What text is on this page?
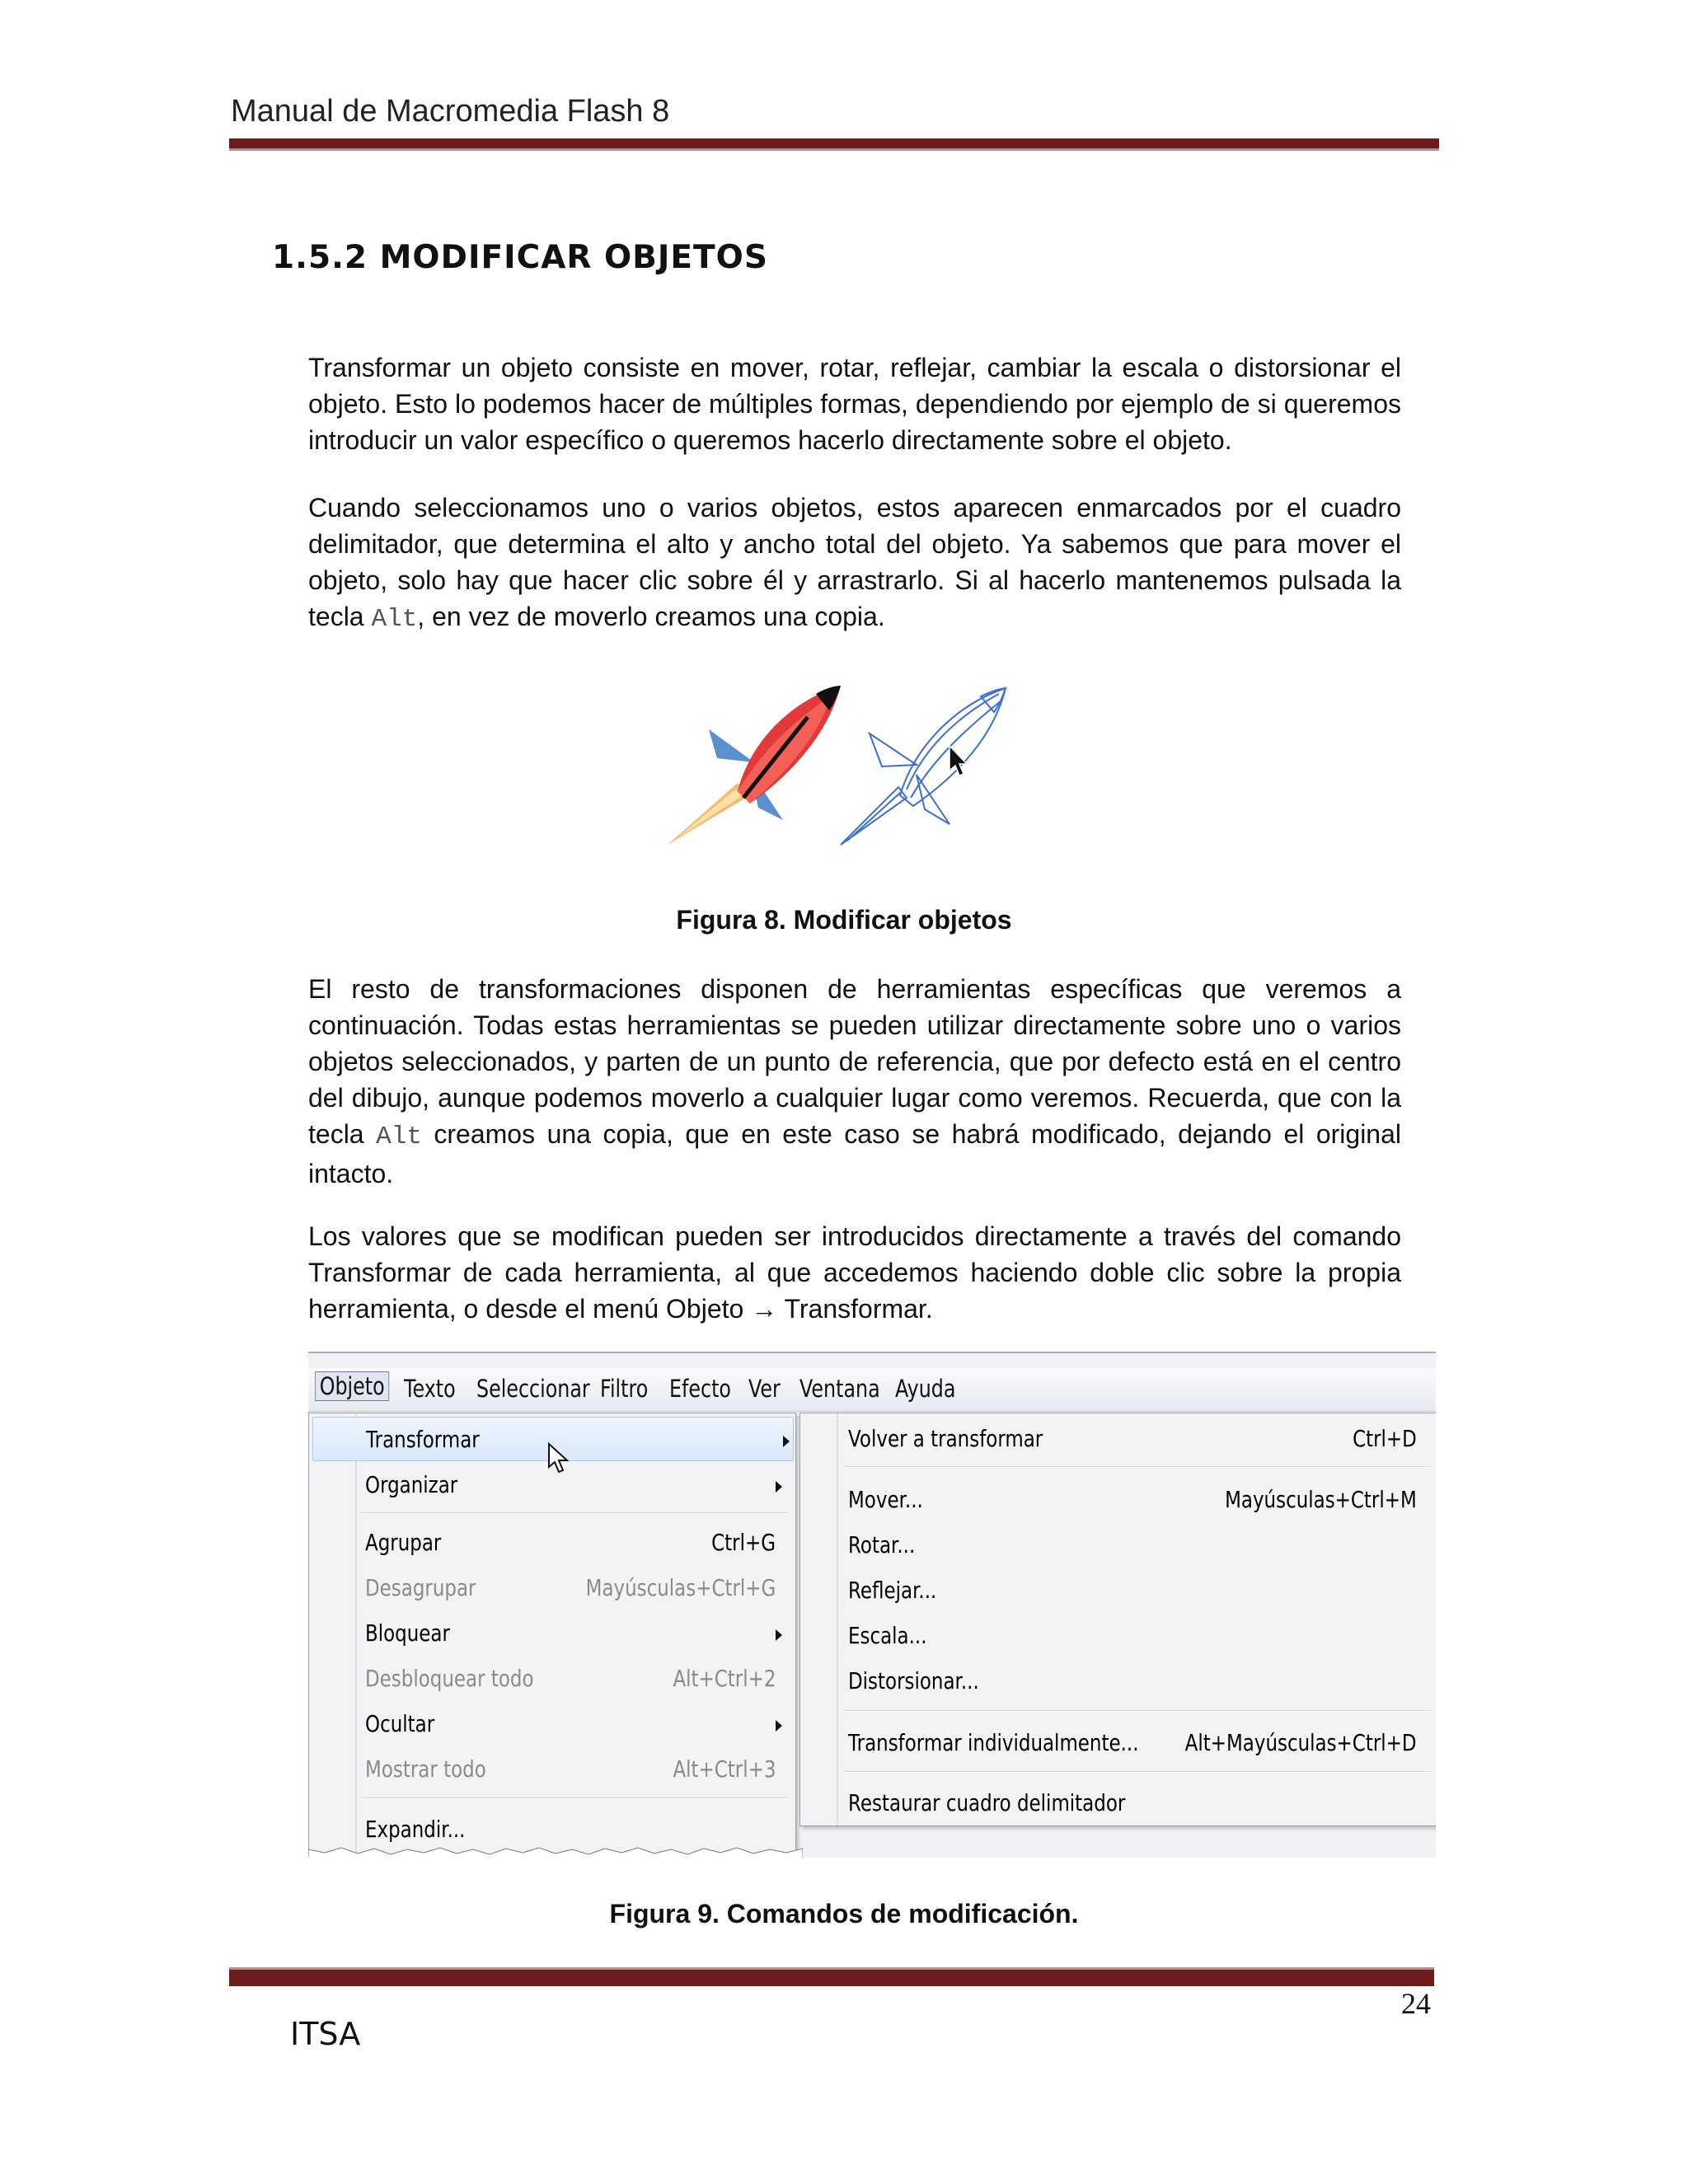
Manual de Macromedia Flash 8
1.5.2 MODIFICAR OBJETOS
Transformar un objeto consiste en mover, rotar, reflejar, cambiar la escala o distorsionar el objeto. Esto lo podemos hacer de múltiples formas, dependiendo por ejemplo de si queremos introducir un valor específico o queremos hacerlo directamente sobre el objeto.
Cuando seleccionamos uno o varios objetos, estos aparecen enmarcados por el cuadro delimitador, que determina el alto y ancho total del objeto. Ya sabemos que para mover el objeto, solo hay que hacer clic sobre él y arrastrarlo. Si al hacerlo mantenemos pulsada la tecla Alt, en vez de moverlo creamos una copia.
Figura 8. Modificar objetos
El resto de transformaciones disponen de herramientas específicas que veremos a continuación. Todas estas herramientas se pueden utilizar directamente sobre uno o varios objetos seleccionados, y parten de un punto de referencia, que por defecto está en el centro del dibujo, aunque podemos moverlo a cualquier lugar como veremos. Recuerda, que con la tecla Alt creamos una copia, que en este caso se habrá modificado, dejando el original intacto.
Los valores que se modifican pueden ser introducidos directamente a través del comando Transformar de cada herramienta, al que accedemos haciendo doble clic sobre la propia herramienta, o desde el menú Objeto → Transformar.
Objeto Texto Seleccionar Filtro Efecto Ver Ventana Ayuda
Transformar
Organizar
Agrupar	Ctrl+G
Desagrupar	Mayúsculas+Ctrl+G
Bloquear
Desbloquear todo	Alt+Ctrl+2
Ocultar
Mostrar todo	Alt+Ctrl+3
Expandir...
Volver a transformar	Ctrl+D
Mover...	Mayúsculas+Ctrl+M
Rotar...
Reflejar...
Escala...
Distorsionar...
Transformar individualmente... Alt+Mayúsculas+Ctrl+D
Restaurar cuadro delimitador
Figura 9. Comandos de modificación.
24
ITSA
